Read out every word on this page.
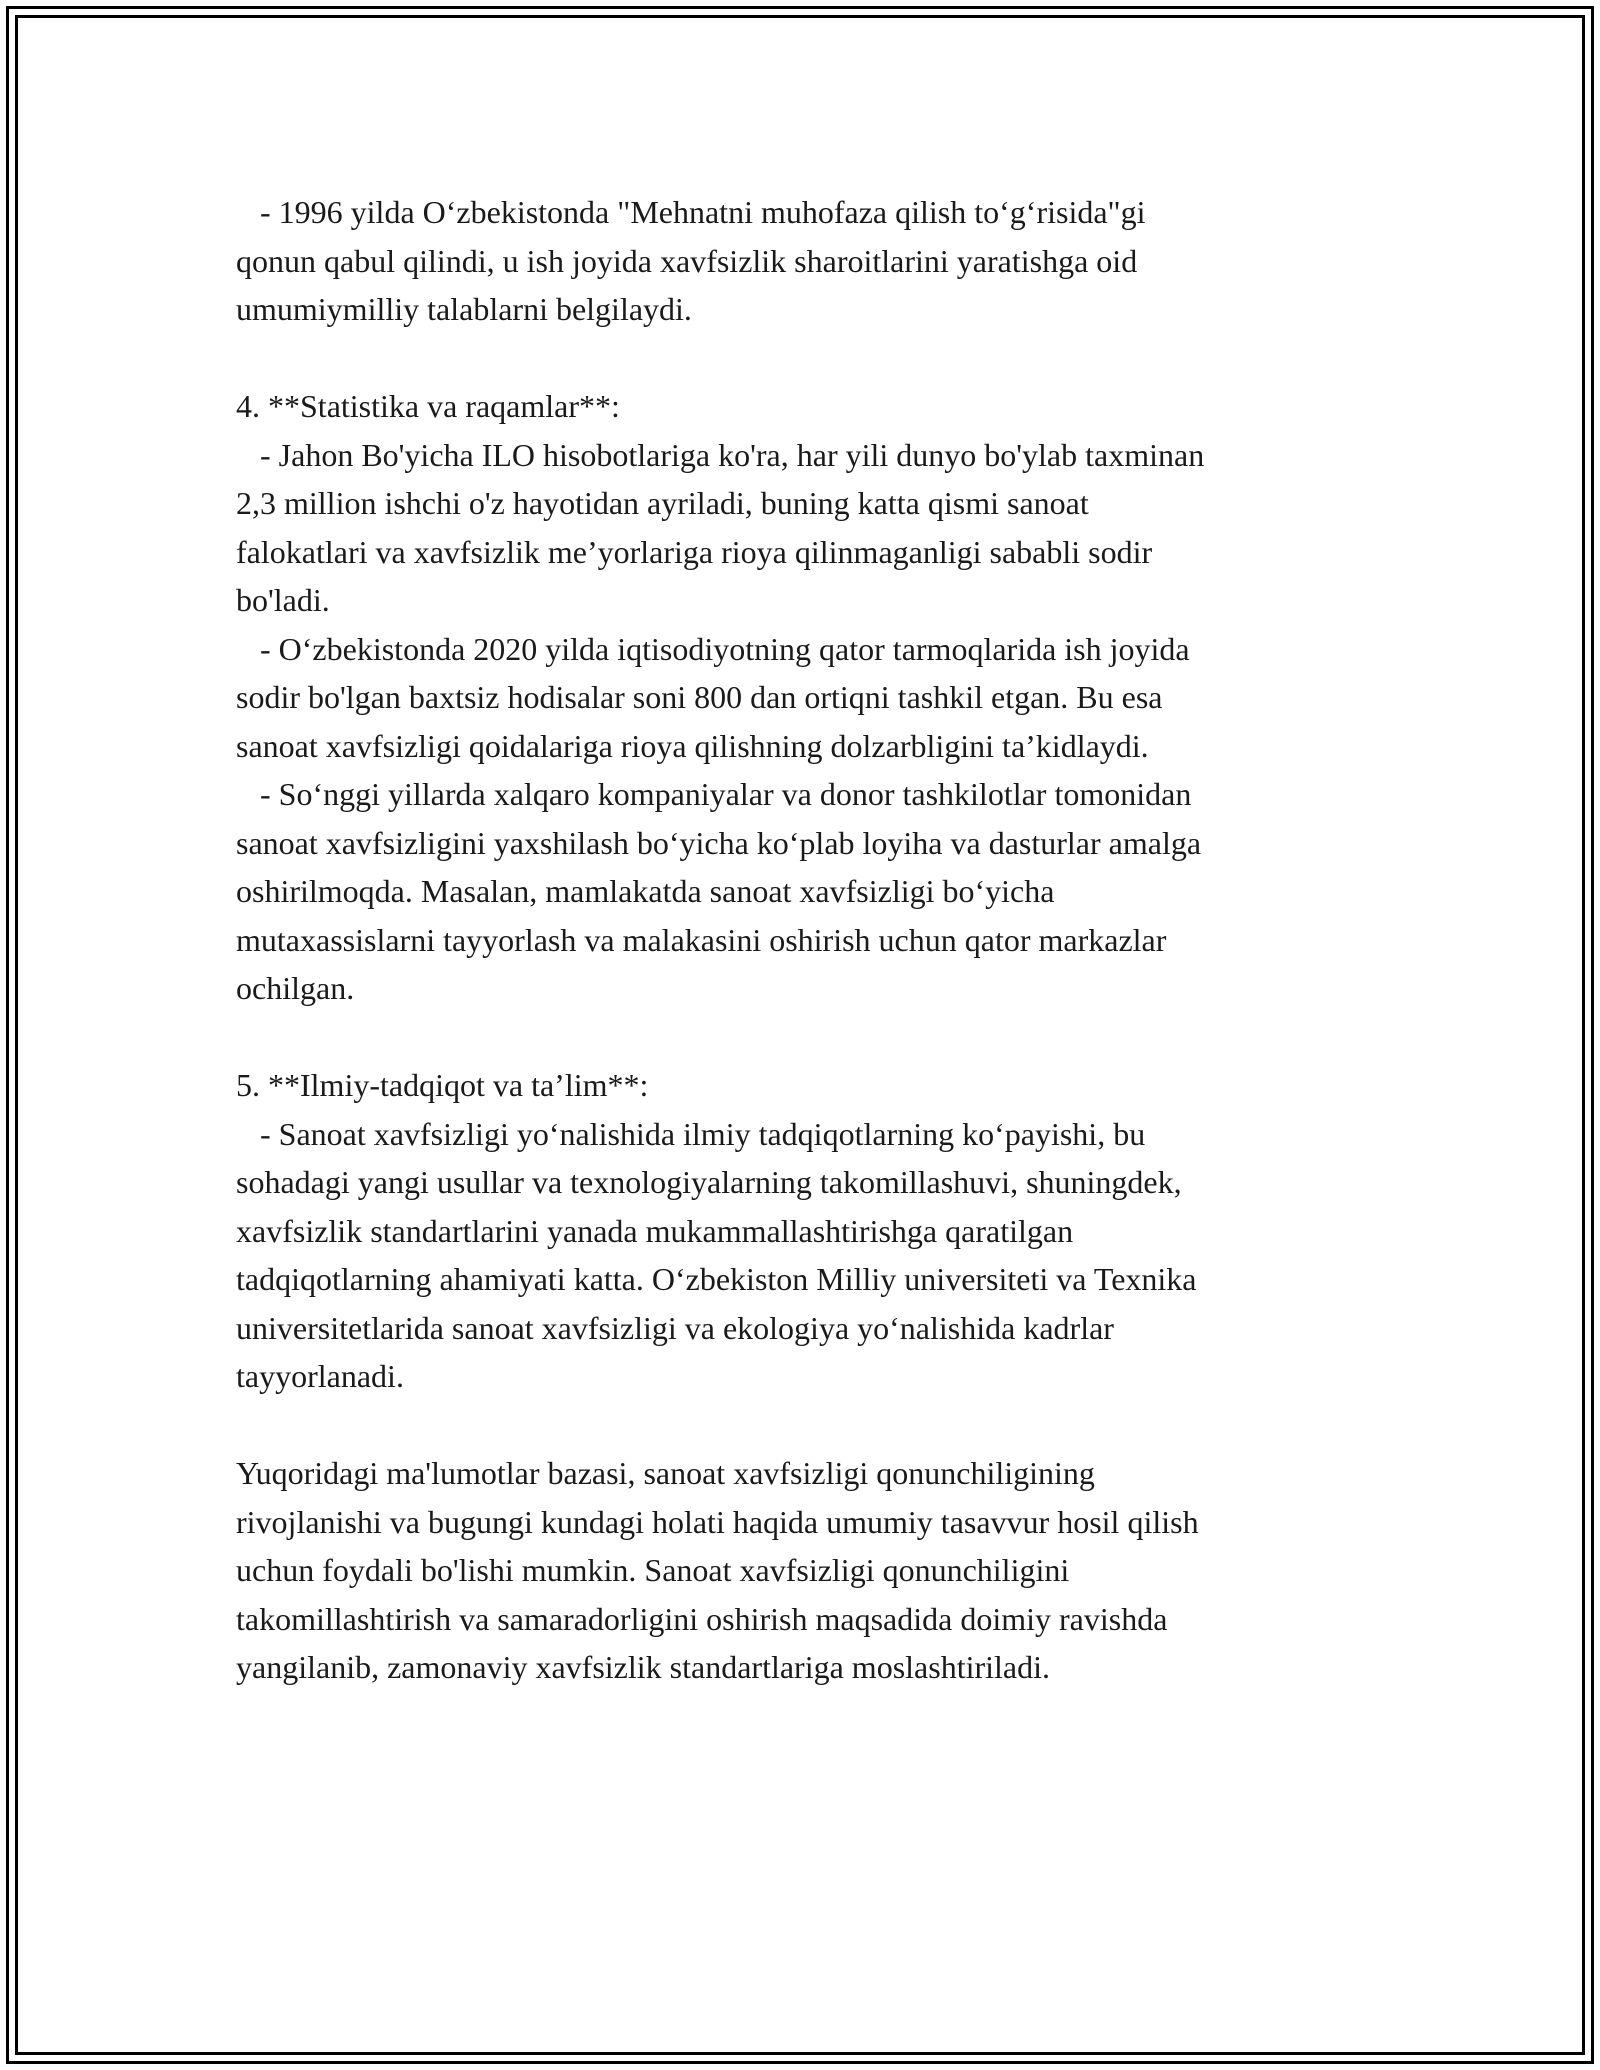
- 1996 yilda O‘zbekistonda "Mehnatni muhofaza qilish to‘g‘risida"gi

qonun qabul qilindi, u ish joyida xavfsizlik sharoitlarini yaratishga oid

umumiymilliy talablarni belgilaydi.

4. **Statistika va raqamlar**:

- Jahon Bo'yicha ILO hisobotlariga ko'ra, har yili dunyo bo'ylab taxminan

2,3 million ishchi o'z hayotidan ayriladi, buning katta qismi sanoat

falokatlari va xavfsizlik me’yorlariga rioya qilinmaganligi sababli sodir

bo'ladi.

- O‘zbekistonda 2020 yilda iqtisodiyotning qator tarmoqlarida ish joyida

sodir bo'lgan baxtsiz hodisalar soni 800 dan ortiqni tashkil etgan. Bu esa

sanoat xavfsizligi qoidalariga rioya qilishning dolzarbligini ta’kidlaydi.

- So‘nggi yillarda xalqaro kompaniyalar va donor tashkilotlar tomonidan

sanoat xavfsizligini yaxshilash bo‘yicha ko‘plab loyiha va dasturlar amalga

oshirilmoqda. Masalan, mamlakatda sanoat xavfsizligi bo‘yicha

mutaxassislarni tayyorlash va malakasini oshirish uchun qator markazlar

ochilgan.

5. **Ilmiy-tadqiqot va ta’lim**:

- Sanoat xavfsizligi yo‘nalishida ilmiy tadqiqotlarning ko‘payishi, bu

sohadagi yangi usullar va texnologiyalarning takomillashuvi, shuningdek,

xavfsizlik standartlarini yanada mukammallashtirishga qaratilgan

tadqiqotlarning ahamiyati katta. O‘zbekiston Milliy universiteti va Texnika

universitetlarida sanoat xavfsizligi va ekologiya yo‘nalishida kadrlar

tayyorlanadi.

Yuqoridagi ma'lumotlar bazasi, sanoat xavfsizligi qonunchiligining

rivojlanishi va bugungi kundagi holati haqida umumiy tasavvur hosil qilish

uchun foydali bo'lishi mumkin. Sanoat xavfsizligi qonunchiligini

takomillashtirish va samaradorligini oshirish maqsadida doimiy ravishda

yangilanib, zamonaviy xavfsizlik standartlariga moslashtiriladi.
